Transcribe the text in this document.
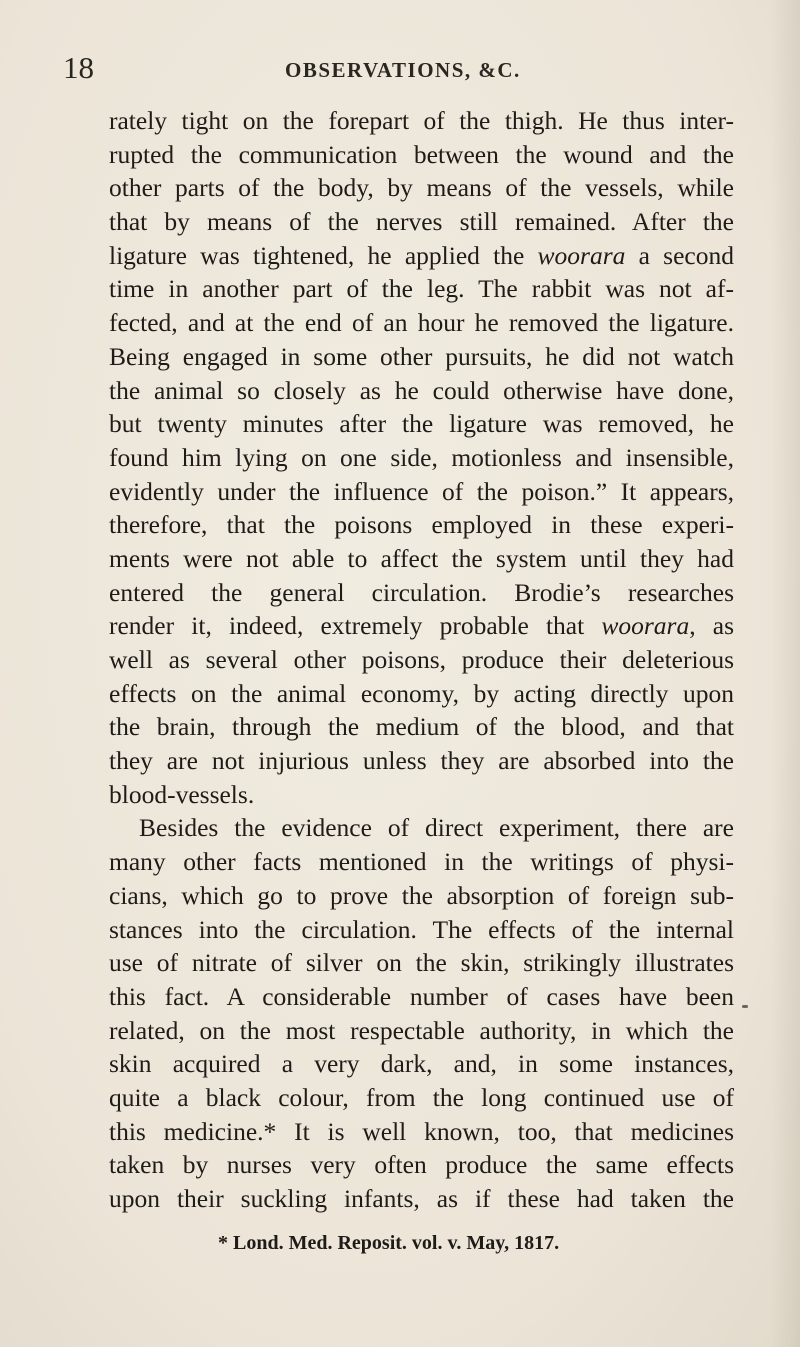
18	OBSERVATIONS, &C.
rately tight on the forepart of the thigh. He thus inter-
rupted the communication between the wound and the
other parts of the body, by means of the vessels, while
that by means of the nerves still remained. After the
ligature was tightened, he applied the woorara a second
time in another part of the leg. The rabbit was not af-
fected, and at the end of an hour he removed the ligature.
Being engaged in some other pursuits, he did not watch
the animal so closely as he could otherwise have done,
but twenty minutes after the ligature was removed, he
found him lying on one side, motionless and insensible,
evidently under the influence of the poison.” It appears,
therefore, that the poisons employed in these experi-
ments were not able to affect the system until they had
entered the general circulation. Brodie’s researches
render it, indeed, extremely probable that woorara, as
well as several other poisons, produce their deleterious
effects on the animal economy, by acting directly upon
the brain, through the medium of the blood, and that
they are not injurious unless they are absorbed into the
blood-vessels.
Besides the evidence of direct experiment, there are
many other facts mentioned in the writings of physi-
cians, which go to prove the absorption of foreign sub-
stances into the circulation. The effects of the internal
use of nitrate of silver on the skin, strikingly illustrates
this fact. A considerable number of cases have been
related, on the most respectable authority, in which the
skin acquired a very dark, and, in some instances,
quite a black colour, from the long continued use of
this medicine.* It is well known, too, that medicines
taken by nurses very often produce the same effects
upon their suckling infants, as if these had taken the
* Lond. Med. Reposit. vol. v. May, 1817.
